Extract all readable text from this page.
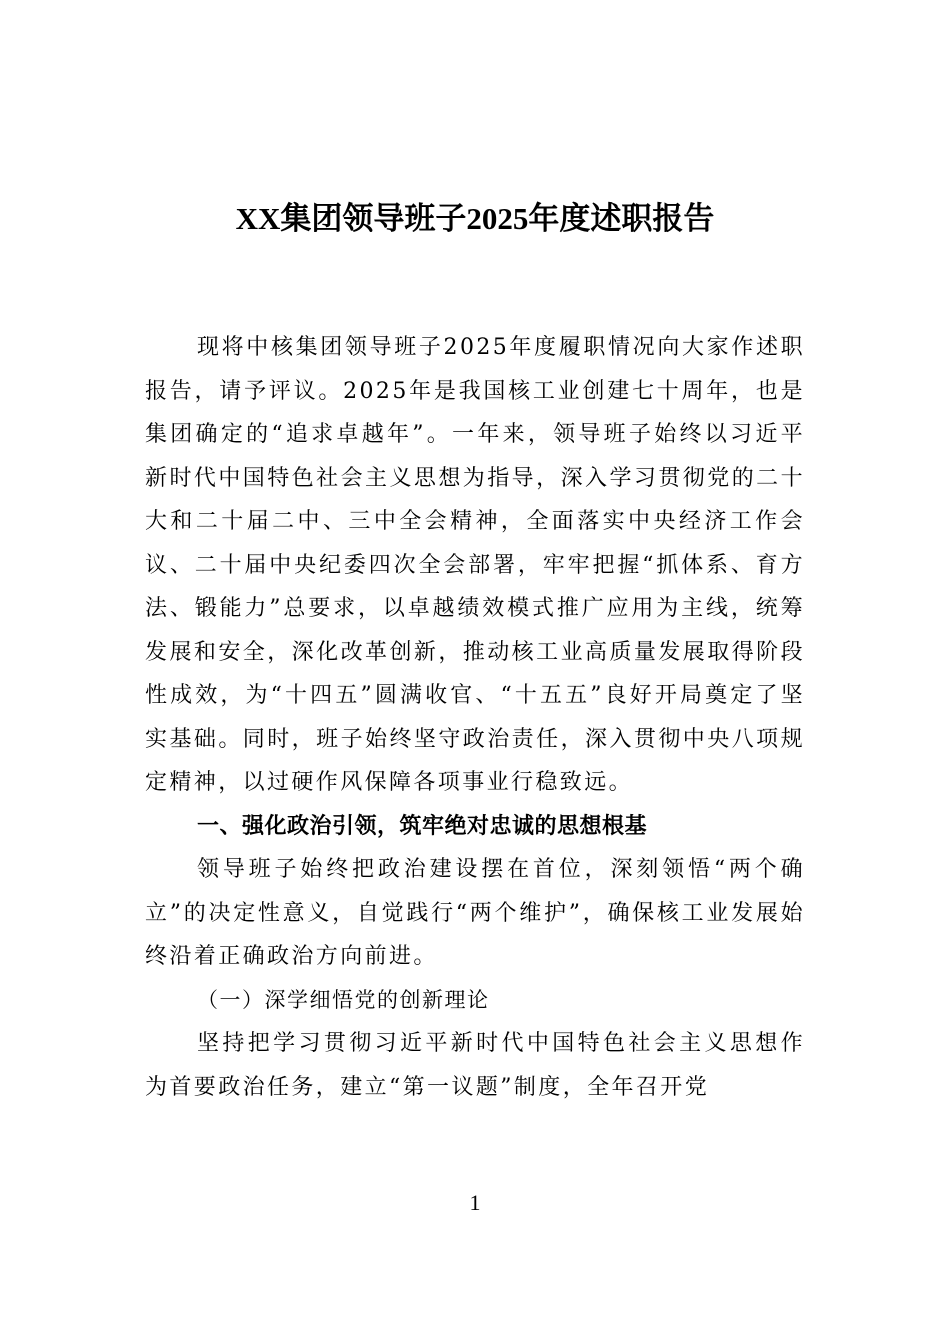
XX集团领导班子2025年度述职报告

现将中核集团领导班子2025年度履职情况向大家作述职报告，请予评议。2025年是我国核工业创建七十周年，也是集团确定的“追求卓越年”。一年来，领导班子始终以习近平新时代中国特色社会主义思想为指导，深入学习贯彻党的二十大和二十届二中、三中全会精神，全面落实中央经济工作会议、二十届中央纪委四次全会部署，牢牢把握“抓体系、育方法、锻能力”总要求，以卓越绩效模式推广应用为主线，统筹发展和安全，深化改革创新，推动核工业高质量发展取得阶段性成效，为“十四五”圆满收官、“十五五”良好开局奠定了坚实基础。同时，班子始终坚守政治责任，深入贯彻中央八项规定精神，以过硬作风保障各项事业行稳致远。

一、强化政治引领，筑牢绝对忠诚的思想根基

领导班子始终把政治建设摆在首位，深刻领悟“两个确立”的决定性意义，自觉践行“两个维护”，确保核工业发展始终沿着正确政治方向前进。

（一）深学细悟党的创新理论

坚持把学习贯彻习近平新时代中国特色社会主义思想作为首要政治任务，建立“第一议题”制度，全年召开党

1
